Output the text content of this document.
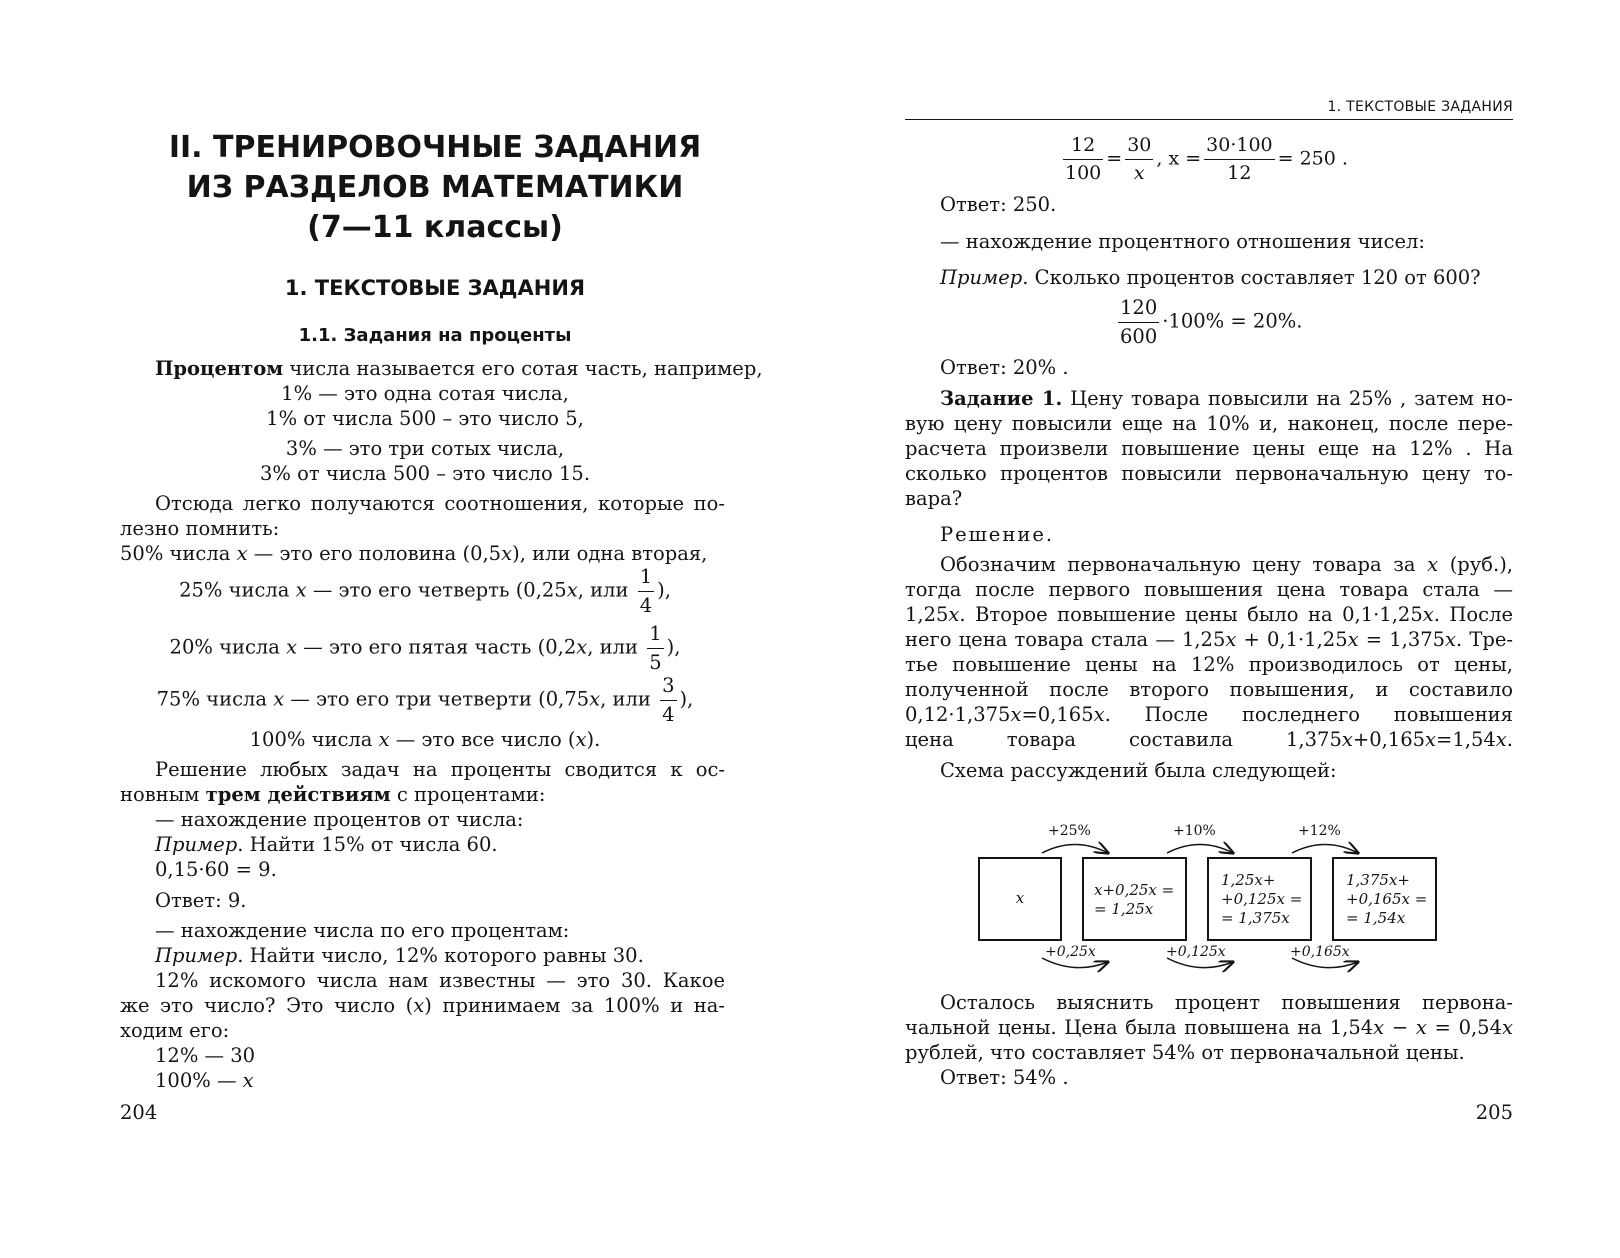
II. ТРЕНИРОВОЧНЫЕ ЗАДАНИЯ
ИЗ РАЗДЕЛОВ МАТЕМАТИКИ
(7—11 классы)
1. ТЕКСТОВЫЕ ЗАДАНИЯ
1.1. Задания на проценты
Процентом числа называется его сотая часть, например,
1% — это одна сотая числа,
1% от числа 500 – это число 5,
3% — это три сотых числа,
3% от числа 500 – это число 15.
Отсюда легко получаются соотношения, которые по-
лезно помнить:
50% числа x — это его половина (0,5x), или одна вторая,
25% числа x — это его четверть (0,25x, или $\frac{1}{4}$ ),
20% числа x — это его пятая часть (0,2x, или $\frac{1}{5}$ ),
75% числа x — это его три четверти (0,75x, или $\frac{3}{4}$ ),
100% числа x — это все число (x).
Решение любых задач на проценты сводится к ос-
новным трем действиям с процентами:
— нахождение процентов от числа:
Пример. Найти 15% от числа 60.
0,15·60 = 9.
Ответ: 9.
— нахождение числа по его процентам:
Пример. Найти число, 12% которого равны 30.
12% искомого числа нам известны — это 30. Какое
же это число? Это число (x) принимаем за 100% и на-
ходим его:
12% — 30
100% — x
204
1. ТЕКСТОВЫЕ ЗАДАНИЯ
$\frac{12}{100} = \frac{30}{x}$ , $x = \frac{30\cdot 100}{12} = 250$ .
Ответ: 250.
— нахождение процентного отношения чисел:
Пример. Сколько процентов составляет 120 от 600?
$\frac{120}{600} \cdot 100\% = 20\%$.
Ответ: 20% .
Задание 1. Цену товара повысили на 25% , затем но-
вую цену повысили еще на 10% и, наконец, после пере-
расчета произвели повышение цены еще на 12% . На
сколько процентов повысили первоначальную цену то-
вара?
Решение.
Обозначим первоначальную цену товара за x (руб.),
тогда после первого повышения цена товара стала —
1,25x. Второе повышение цены было на 0,1·1,25x. После
него цена товара стала — 1,25x + 0,1·1,25x = 1,375x. Тре-
тье повышение цены на 12% производилось от цены,
полученной после второго повышения, и составило
0,12·1,375x=0,165x. После последнего повышения
цена товара составила 1,375x+0,165x=1,54x.
Схема рассуждений была следующей:
x	x+0,25x =
= 1,25x
1,25x+
+0,125x =
= 1,375x
1,375x+
+0,165x =
= 1,54x
+25%	+10%	+12%
+0,25x	+0,125x	+0,165x
Осталось выяснить процент повышения первона-
чальной цены. Цена была повышена на 1,54x − x = 0,54x
рублей, что составляет 54% от первоначальной цены.
Ответ: 54% .
205
